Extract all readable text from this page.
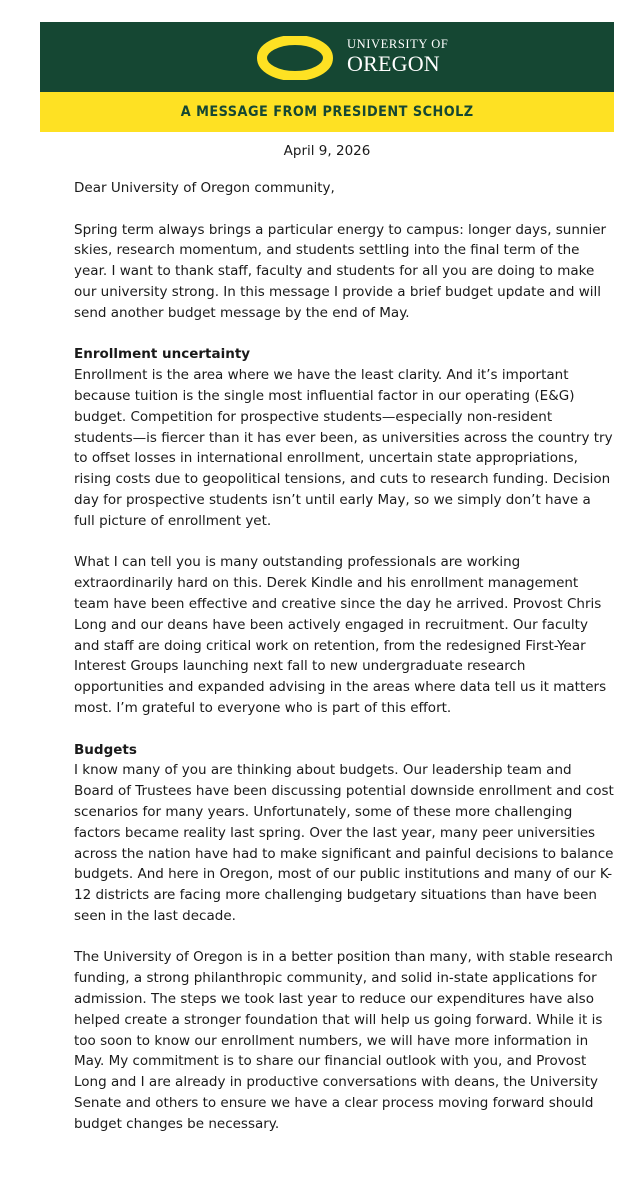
O
UNIVERSITY OF
OREGON
A MESSAGE FROM PRESIDENT SCHOLZ
April 9, 2026

Dear University of Oregon community,

Spring term always brings a particular energy to campus: longer days, sunnier skies, research momentum, and students settling into the final term of the year. I want to thank staff, faculty and students for all you are doing to make our university strong. In this message I provide a brief budget update and will send another budget message by the end of May.

Enrollment uncertainty

Enrollment is the area where we have the least clarity. And it’s important because tuition is the single most influential factor in our operating (E&G) budget. Competition for prospective students—especially non-resident students—is fiercer than it has ever been, as universities across the country try to offset losses in international enrollment, uncertain state appropriations, rising costs due to geopolitical tensions, and cuts to research funding. Decision day for prospective students isn’t until early May, so we simply don’t have a full picture of enrollment yet.

What I can tell you is many outstanding professionals are working extraordinarily hard on this. Derek Kindle and his enrollment management team have been effective and creative since the day he arrived. Provost Chris Long and our deans have been actively engaged in recruitment. Our faculty and staff are doing critical work on retention, from the redesigned First-Year Interest Groups launching next fall to new undergraduate research opportunities and expanded advising in the areas where data tell us it matters most. I’m grateful to everyone who is part of this effort.

Budgets

I know many of you are thinking about budgets. Our leadership team and Board of Trustees have been discussing potential downside enrollment and cost scenarios for many years. Unfortunately, some of these more challenging factors became reality last spring. Over the last year, many peer universities across the nation have had to make significant and painful decisions to balance budgets. And here in Oregon, most of our public institutions and many of our K-12 districts are facing more challenging budgetary situations than have been seen in the last decade.

The University of Oregon is in a better position than many, with stable research funding, a strong philanthropic community, and solid in-state applications for admission. The steps we took last year to reduce our expenditures have also helped create a stronger foundation that will help us going forward. While it is too soon to know our enrollment numbers, we will have more information in May. My commitment is to share our financial outlook with you, and Provost Long and I are already in productive conversations with deans, the University Senate and others to ensure we have a clear process moving forward should budget changes be necessary.
